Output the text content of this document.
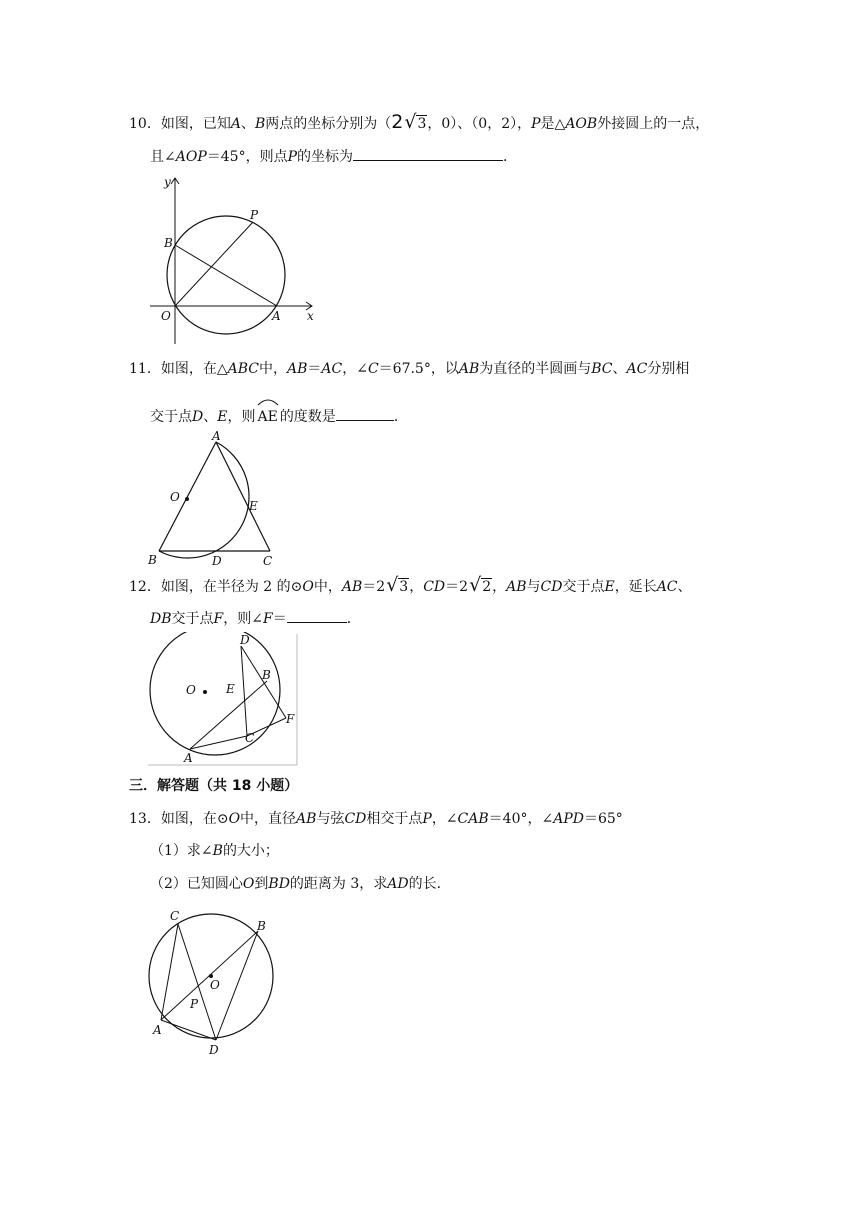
10．如图，已知A、B两点的坐标分别为（2√3，0）、（0，2），P是△AOB外接圆上的一点，
且∠AOP＝45°，则点P的坐标为	．
y
B
P
O	A x
11．如图，在△ABC中，AB＝AC，∠C＝67.5°，以AB为直径的半圆画与BC、AC分别相
交于点D、E，则 AE 的度数是	．
A
O
E
B	D	C
12．如图，在半径为 2 的⊙O中，AB＝2√3，CD＝2√2，AB与CD交于点E，延长AC、
DB交于点F，则∠F＝	．
D
B
O	E
F
C
A
三．解答题（共 18 小题）
13．如图，在⊙O中，直径AB与弦CD相交于点P，∠CAB＝40°，∠APD＝65°
（1）求∠B的大小；
（2）已知圆心O到BD的距离为 3，求AD的长．
C
B
O
P
A
D
